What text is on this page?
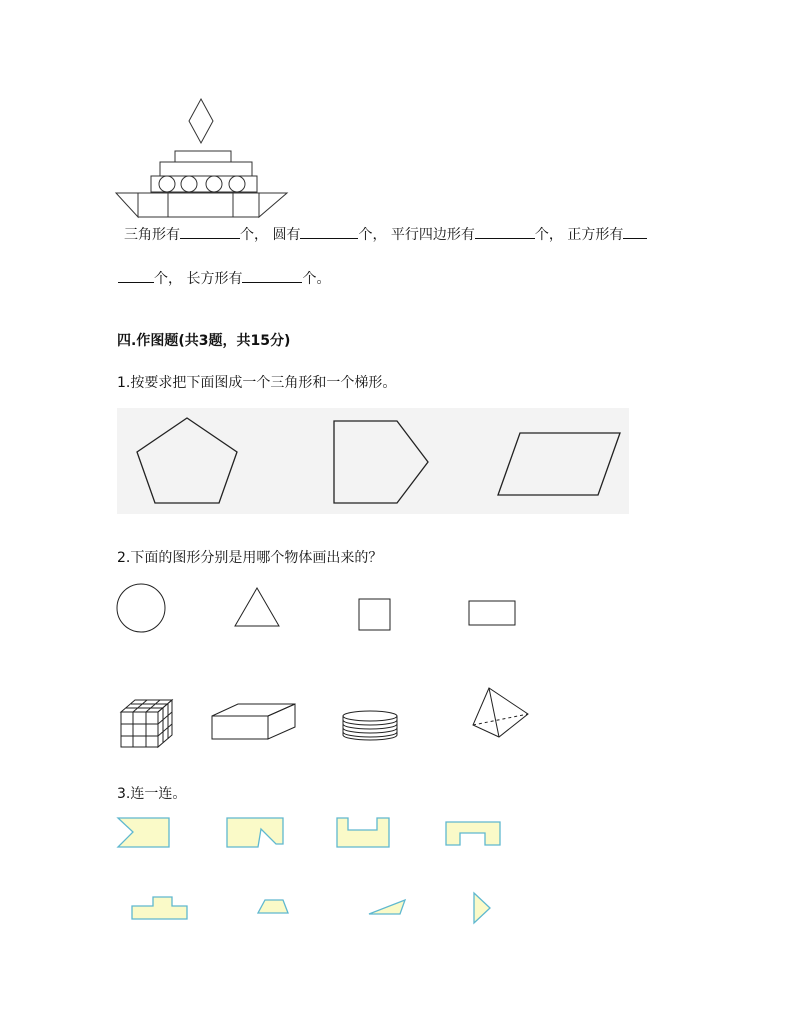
三角形有	个， 圆有	个， 平行四边形有	个， 正方形有
个， 长方形有	个。
四.作图题(共3题，共15分)
1.按要求把下面图成一个三角形和一个梯形。
2.下面的图形分别是用哪个物体画出来的？
3.连一连。
